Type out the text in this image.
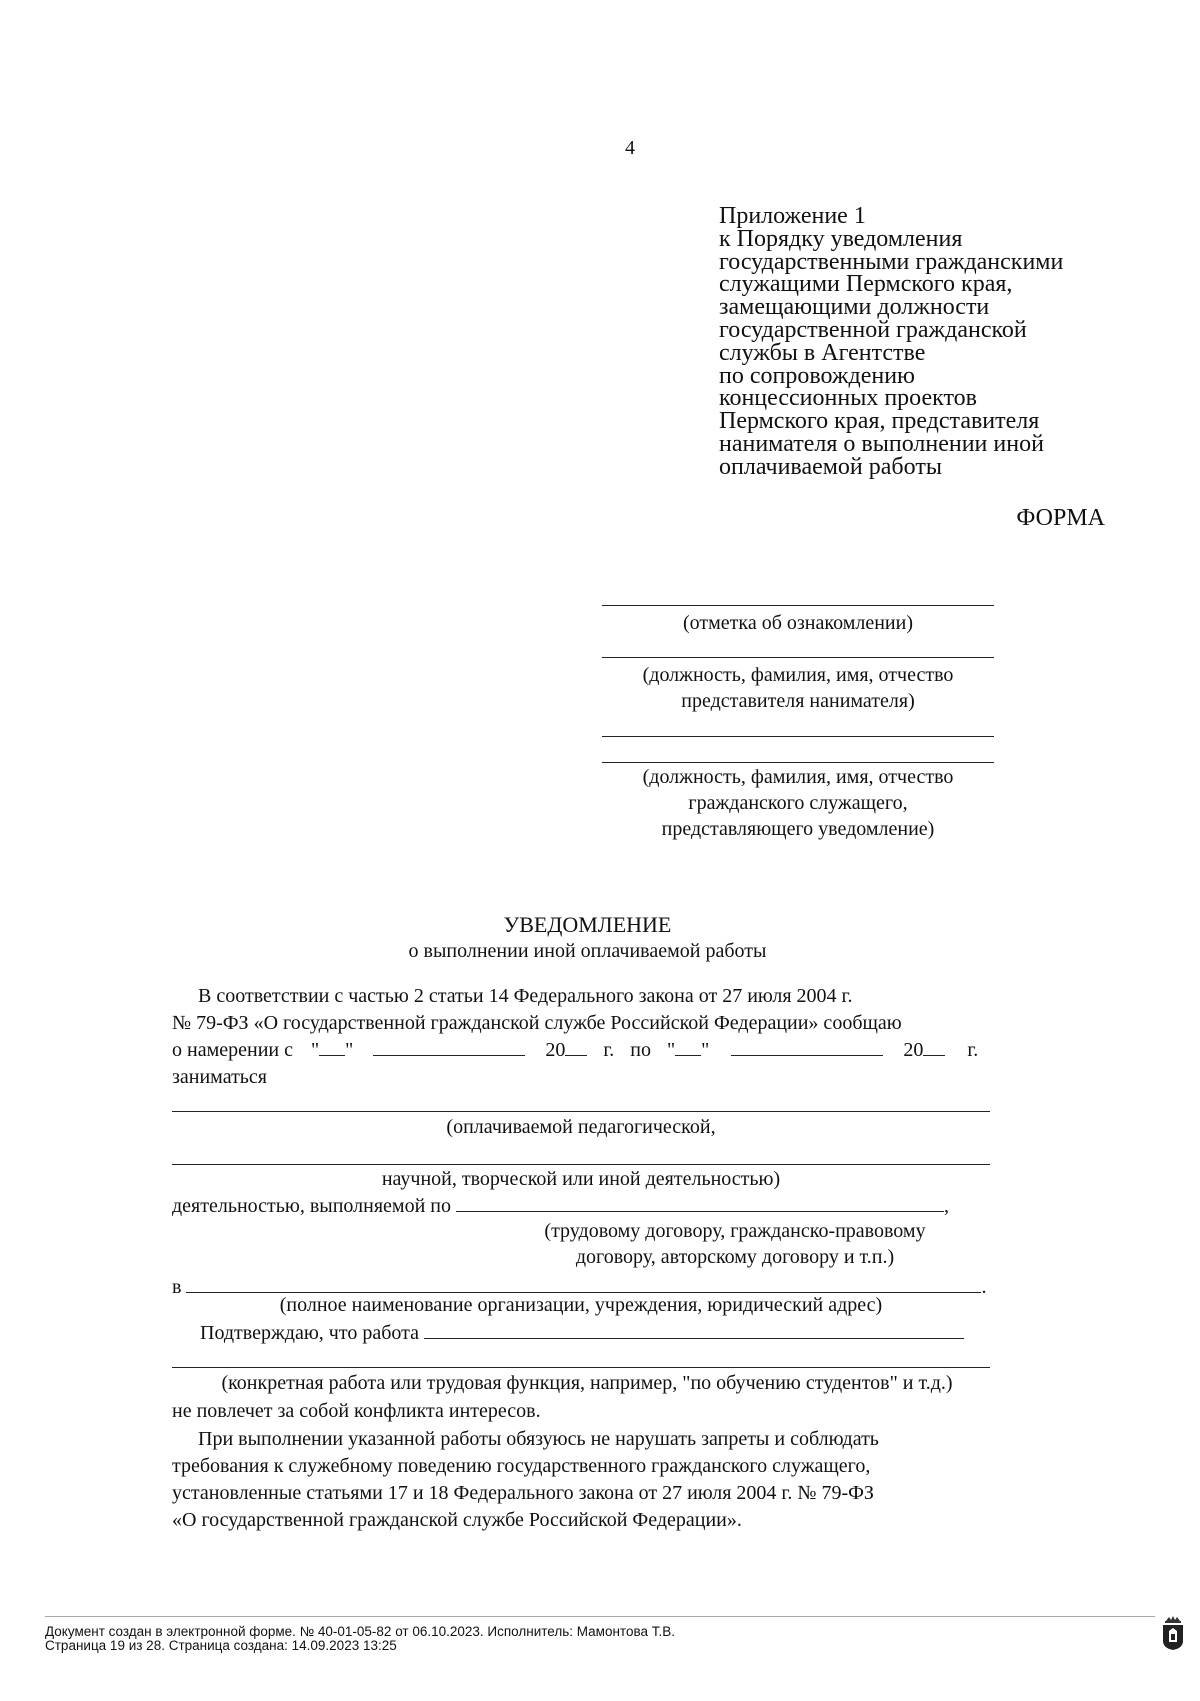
4
Приложение 1
к Порядку уведомления
государственными гражданскими
служащими Пермского края,
замещающими должности
государственной гражданской
службы в Агентстве
по сопровождению
концессионных проектов
Пермского края, представителя
нанимателя о выполнении иной
оплачиваемой работы
ФОРМА
(отметка об ознакомлении)
(должность, фамилия, имя, отчество
представителя нанимателя)
(должность, фамилия, имя, отчество
гражданского служащего,
представляющего уведомление)
УВЕДОМЛЕНИЕ
о выполнении иной оплачиваемой работы
В соответствии с частью 2 статьи 14 Федерального закона от 27 июля 2004 г.
№ 79-ФЗ «О государственной гражданской службе Российской Федерации» сообщаю
о намерении с " "	20 г. по " "	20 г.
заниматься
(оплачиваемой педагогической,
научной, творческой или иной деятельностью)
деятельностью, выполняемой по	,
(трудовому договору, гражданско-правовому
договору, авторскому договору и т.п.)
в	.
(полное наименование организации, учреждения, юридический адрес)
Подтверждаю, что работа
(конкретная работа или трудовая функция, например, "по обучению студентов" и т.д.)
не повлечет за собой конфликта интересов.
При выполнении указанной работы обязуюсь не нарушать запреты и соблюдать
требования к служебному поведению государственного гражданского служащего,
установленные статьями 17 и 18 Федерального закона от 27 июля 2004 г. № 79-ФЗ
«О государственной гражданской службе Российской Федерации».
Документ создан в электронной форме. № 40-01-05-82 от 06.10.2023. Исполнитель: Мамонтова Т.В.
Страница 19 из 28. Страница создана: 14.09.2023 13:25
